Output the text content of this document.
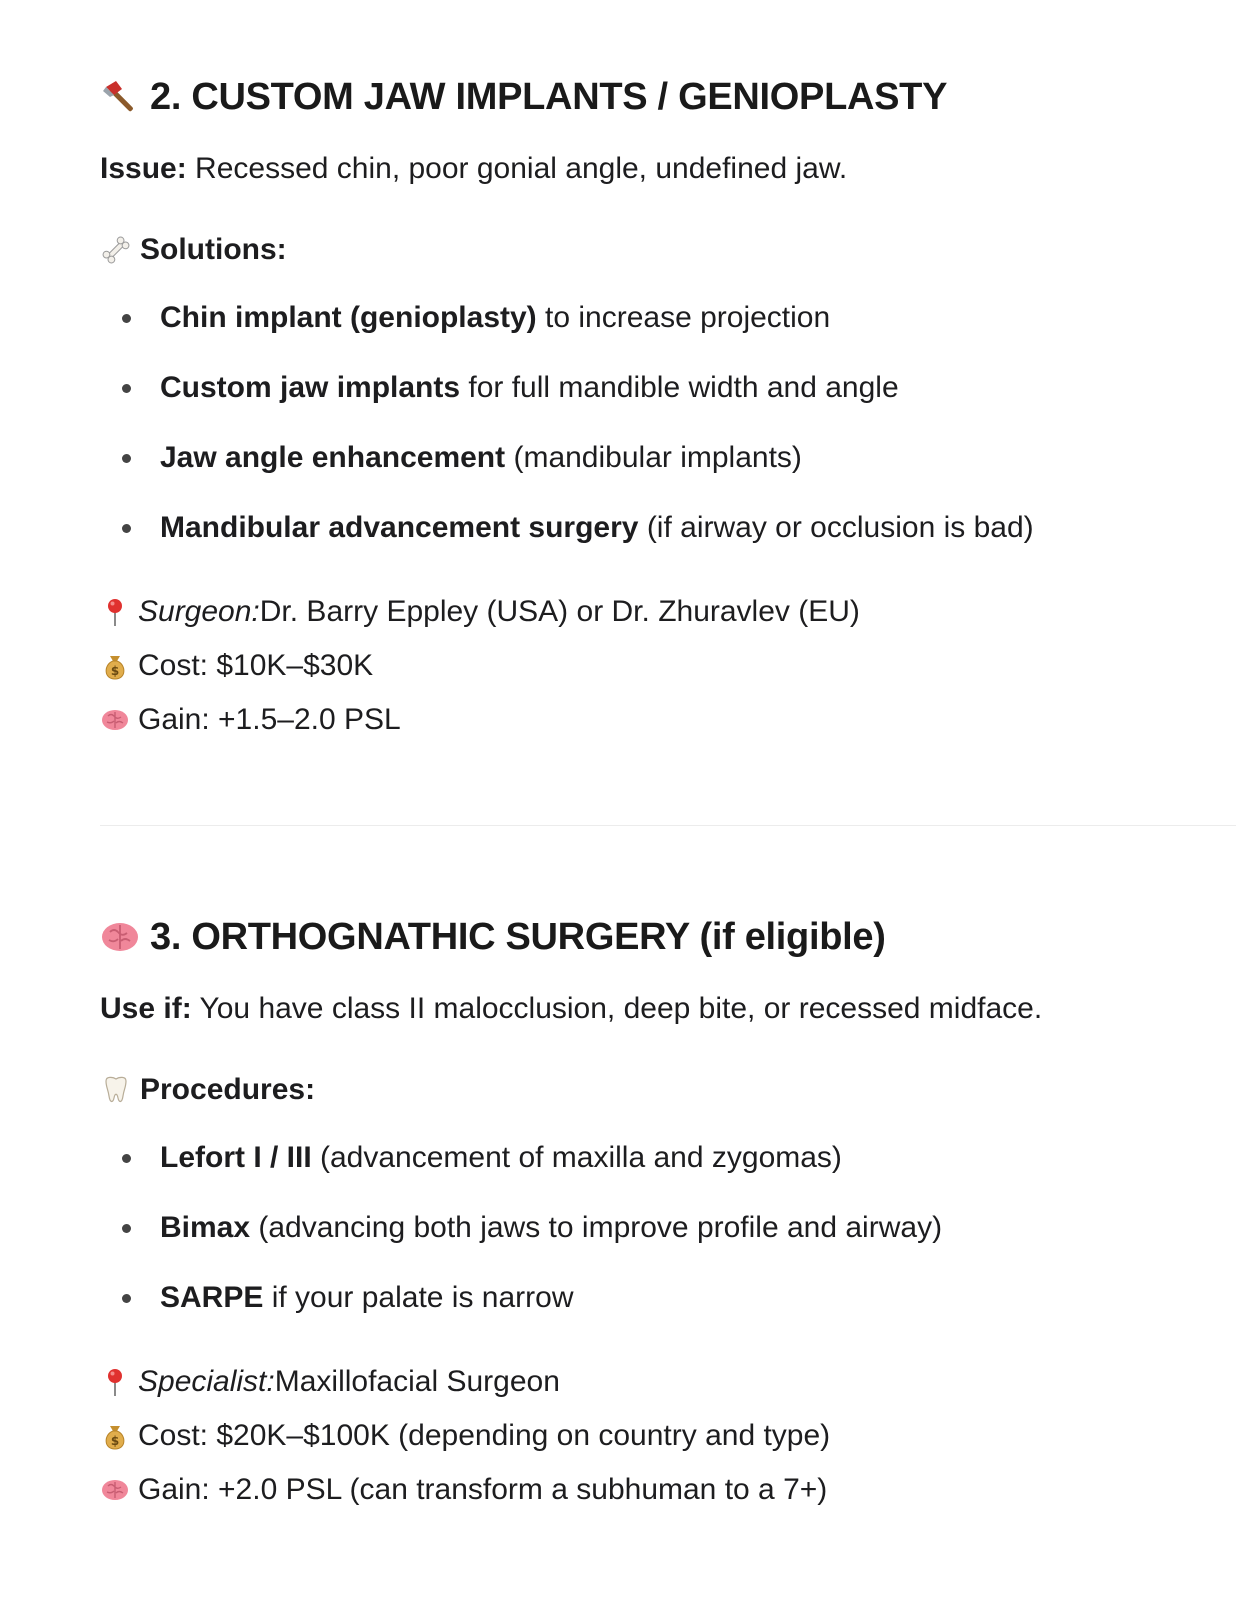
2. CUSTOM JAW IMPLANTS / GENIOPLASTY

Issue: Recessed chin, poor gonial angle, undefined jaw.

Solutions:
Chin implant (genioplasty) to increase projection
Custom jaw implants for full mandible width and angle
Jaw angle enhancement (mandibular implants)
Mandibular advancement surgery (if airway or occlusion is bad)
Surgeon: Dr. Barry Eppley (USA) or Dr. Zhuravlev (EU)
$ Cost: $10K–$30K
Gain: +1.5–2.0 PSL
3. ORTHOGNATHIC SURGERY (if eligible)

Use if: You have class II malocclusion, deep bite, or recessed midface.

Procedures:
Lefort I / III (advancement of maxilla and zygomas)
Bimax (advancing both jaws to improve profile and airway)
SARPE if your palate is narrow
Specialist: Maxillofacial Surgeon
$ Cost: $20K–$100K (depending on country and type)
Gain: +2.0 PSL (can transform a subhuman to a 7+)
